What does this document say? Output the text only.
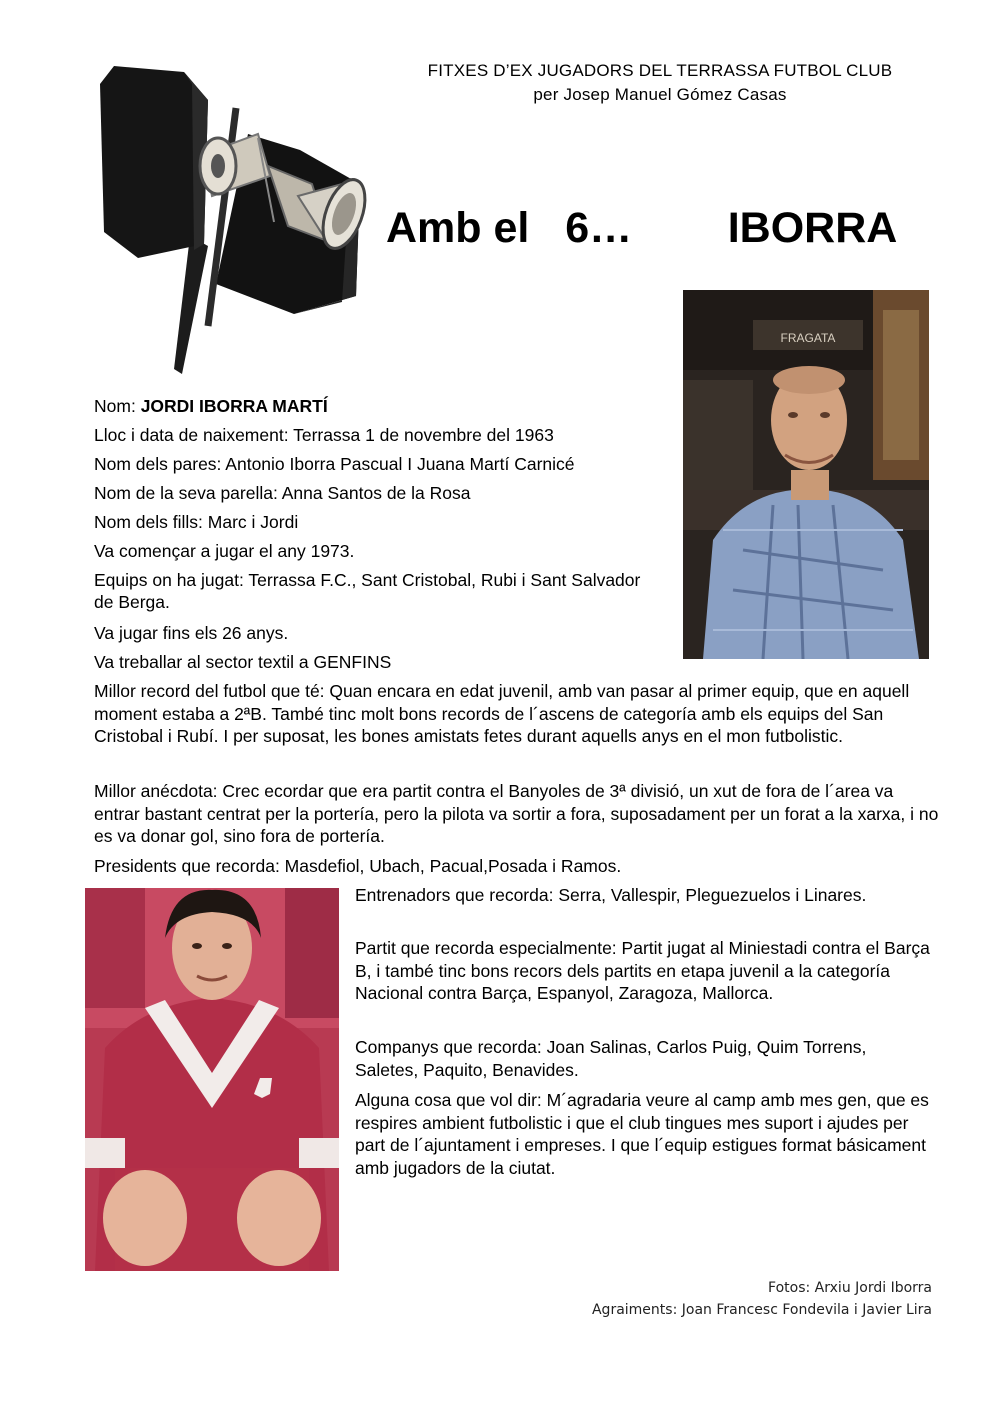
FITXES D’EX JUGADORS DEL TERRASSA FUTBOL CLUB
per Josep Manuel Gómez Casas
Amb el   6…        IBORRA
FRAGATA
Nom: JORDI IBORRA MARTÍ
Lloc i data de naixement: Terrassa 1 de novembre del 1963
Nom dels pares: Antonio Iborra Pascual I Juana Martí Carnicé
Nom de la seva parella: Anna Santos de la Rosa
Nom dels fills: Marc i Jordi
Va començar a jugar el any 1973.
Equips on ha jugat: Terrassa F.C., Sant Cristobal, Rubi i Sant Salvador de Berga.
Va jugar fins els 26 anys.
Va treballar al sector textil a GENFINS
Millor record del futbol que té: Quan encara en edat juvenil, amb van pasar al primer equip, que en aquell moment estaba a 2ªB. També tinc molt bons records de l´ascens de categoría amb els equips del San Cristobal i Rubí. I per suposat, les bones amistats fetes durant aquells anys en el mon futbolistic.
Millor anécdota: Crec ecordar que era partit contra el Banyoles de 3ª divisió, un xut de fora de l´area va entrar bastant centrat per la portería, pero la pilota va sortir a fora, suposadament per un forat a la xarxa, i no es va donar gol, sino fora de portería.
Presidents que recorda: Masdefiol, Ubach, Pacual,Posada i Ramos.
Entrenadors que recorda: Serra, Vallespir, Pleguezuelos i Linares.
Partit que recorda especialmente: Partit jugat al Miniestadi contra el Barça B, i també tinc bons recors dels partits en etapa juvenil a la categoría Nacional contra Barça, Espanyol, Zaragoza, Mallorca.
Companys que recorda: Joan Salinas, Carlos Puig, Quim Torrens, Saletes, Paquito, Benavides.
Alguna cosa que vol dir: M´agradaria veure al camp amb mes gen, que es respires ambient futbolistic i que el club tingues mes suport i ajudes per part de l´ajuntament i empreses. I que l´equip estigues format básicament amb jugadors de la ciutat.
Fotos: Arxiu Jordi Iborra
Agraiments: Joan Francesc Fondevila i Javier Lira
